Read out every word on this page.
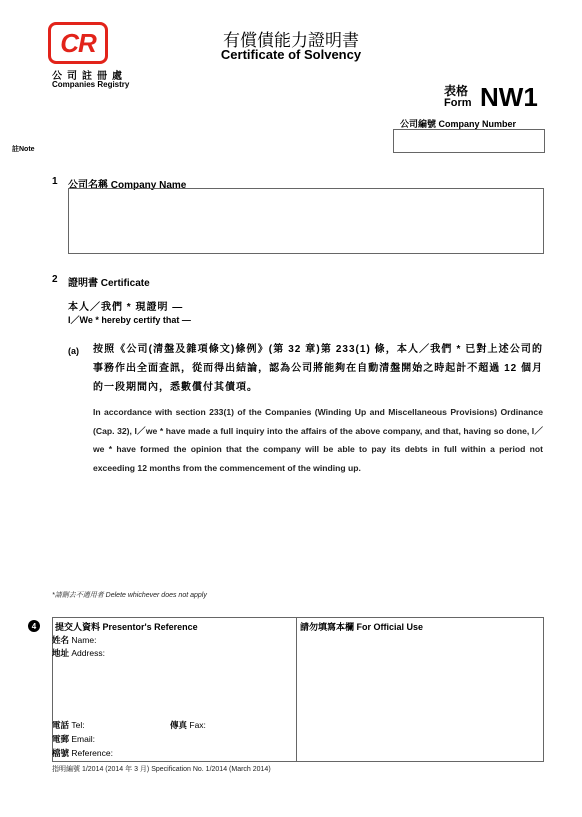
CR
公司註冊處
Companies Registry
有償債能力證明書
Certificate of Solvency
表格
Form NW1
公司編號 Company Number
註Note
1 公司名稱 Company Name
2 證明書 Certificate
本人／我們 * 現證明 —
I／We * hereby certify that —
(a) 按照《公司(清盤及雜項條文)條例》(第 32 章)第 233(1) 條，本人／我們 * 已對上述公司的事務作出全面查訊，從而得出結論，認為公司將能夠在自動清盤開始之時起計不超過 12 個月的一段期間內，悉數償付其債項。
In accordance with section 233(1) of the Companies (Winding Up and Miscellaneous Provisions) Ordinance (Cap. 32), I／we * have made a full inquiry into the affairs of the above company, and that, having so done, I／we * have formed the opinion that the company will be able to pay its debts in full within a period not exceeding 12 months from the commencement of the winding up.
*請刪去不適用者 Delete whichever does not apply
4	提交人資料 Presentor's Reference	請勿填寫本欄 For Official Use
姓名 Name:
地址 Address:
電話 Tel:	傳真 Fax:
電郵 Email:
檔號 Reference:
指明編號 1/2014 (2014 年 3 月) Specification No. 1/2014 (March 2014)
